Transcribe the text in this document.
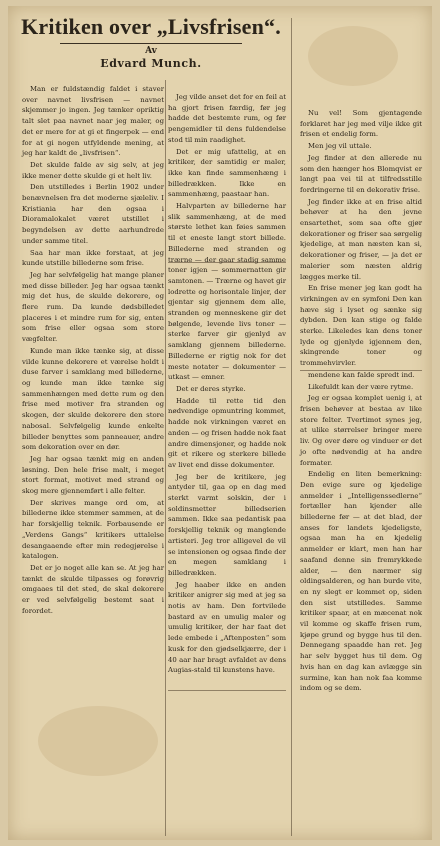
Kritiken over „Livsfrisen“.
Av
Edvard Munch.

Man er fuldstændig faldet i staver over navnet livsfrisen — navnet skjemmer jo ingen. Jeg tænker opriktig talt slet paa navnet naar jeg maler, og det er mere for at gi et fingerpek — end for at gi nogen utfyldende mening, at jeg har kaldt de „livsfrisen“.

Det skulde falde av sig selv, at jeg ikke mener dette skulde gi et helt liv.

Den utstilledes i Berlin 1902 under benævnelsen fra det moderne sjæleliv. I Kristiania har den ogsaa i Dioramalokalet været utstillet i begyndelsen av dette aarhundrede under samme titel.

Saa har man ikke forstaat, at jeg kunde utstille billederne som frise.

Jeg har selvfølgelig hat mange planer med disse billeder. Jeg har ogsaa tænkt mig det hus, de skulde dekorere, og flere rum. Da kunde dødsbilledet placeres i et mindre rum for sig, enten som frise eller ogsaa som store vægfelter.

Kunde man ikke tænke sig, at disse vilde kunne dekorere et værelse holdt i duse farver i samklang med billederne, og kunde man ikke tænke sig sammenhængen med dette rum og den frise med motiver fra stranden og skogen, der skulde dekorere den store nabosal. Selvfølgelig kunde enkelte billeder benyttes som panneauer, andre som dekoration over en dør.

Jeg har ogsaa tænkt mig en anden løsning. Den hele frise malt, i meget stort format, motivet med strand og skog mere gjennemført i alle felter.

Der skrives mange ord om, at billederne ikke stemmer sammen, at de har forskjellig teknik. Forbausende er „Verdens Gangs“ kritikers uttalelse desangaaende efter min redegjørelse i katalogen.

Det er jo noget alle kan se. At jeg har tænkt de skulde tilpasses og forøvrig omgaaes til det sted, de skal dekorere er ved selvfølgelig bestemt saat i forordet.

Jeg vilde anset det for en feil at ha gjort frisen færdig, før jeg hadde det bestemte rum, og før pengemidler til dens fuldendelse stod til min raadighet.

Det er mig ufattelig, at en kritiker, der samtidig er maler, ikke kan finde sammenhæng i billedrækken. Ikke en sammenhæng, paastaar han.

Halvparten av billederne har slik sammenhæng, at de med største lethet kan føies sammen til et eneste langt stort billede. Billederne med stranden og trærne — der gaar stadig samme toner igjen — sommernatten gir samtonen. — Trærne og havet gir lodrette og horisontale linjer, der gjentar sig gjennem dem alle, stranden og menneskene gir det bølgende, levende livs toner — sterke farver gir gjenlyd av samklang gjennem billederne. Billederne er rigtig nok for det meste notater — dokumenter — utkast — emner.

Det er deres styrke.

Hadde til rette tid den nødvendige opmuntring kommet, hadde nok virkningen været en anden — og frisen hadde nok faat andre dimensjoner, og hadde nok git et rikere og sterkere billede av livet end disse dokumenter.

Jeg ber de kritikere, jeg antyder til, gaa op en dag med sterkt varmt solskin, der i soldinsmetter billedserien sammen. Ikke saa pedantisk paa forskjellig teknik og manglende artisteri. Jeg tror alligevel de vil se intensionen og ogsaa finde der en megen samklang i billedrækken.

Jeg haaber ikke en anden kritiker anigrer sig med at jeg sa notis av ham. Den fortvilede bastard av en umulig maler og umulig kritiker, der har faat det lede embede i „Aftenposten“ som kusk for den gjødselkjærre, der i 40 aar har bragt avfaldet av dens Augias-stald til kunstens have.

Nu vel! Som gjentagende forklaret har jeg med vilje ikke git frisen et endelig form.

Men jeg vil uttale.

Jeg finder at den allerede nu som den hænger hos Blomqvist er langt paa vei til at tilfredsstille fordringerne til en dekorativ frise.

Jeg finder ikke at en frise altid behøver at ha den jevne ensartethet, som saa ofte gjør dekorationer og friser saa sørgelig kjedelige, at man næsten kan si, dekorationer og friser, — ja det er malerier som næsten aldrig lægges merke til.

En frise mener jeg kan godt ha virkningen av en symfoni Den kan hæve sig i lyset og sænke sig dybden. Den kan stige og falde sterke. Likeledes kan dens toner lyde og gjenlyde igjennem den, skingrende toner og trommehvirvler.

mendene kan falde spredt ind.

Likefuldt kan der være rytme.

Jeg er ogsaa komplet uenig i, at frisen behøver at bestaa av like store felter. Tvertimot synes jeg, at ulike størrelser bringer mere liv. Og over døre og vinduer er det jo ofte nødvendig at ha andre formater.

Endelig en liten bemerkning: Den evige sure og kjedelige anmelder i „Intelligenssedlerne“ fortæller han kjender alle billederne før — at det blad, der anses for landets kjedeligste, ogsaa man ha en kjedelig anmelder er klart, men han har saafand denne sin fremrykkede alder, — den nærmer sig oldingsalderen, og han burde vite, en ny slegt er kommet op, siden den sist utstilledes. Samme kritiker spaar, at en mæcenat nok vil komme og skaffe frisen rum, kjøpe grund og bygge hus til den. Dennegang spaadde han ret. Jeg har selv bygget hus til dem. Og hvis han en dag kan avlægge sin surmine, kan han nok faa komme indom og se dem.
